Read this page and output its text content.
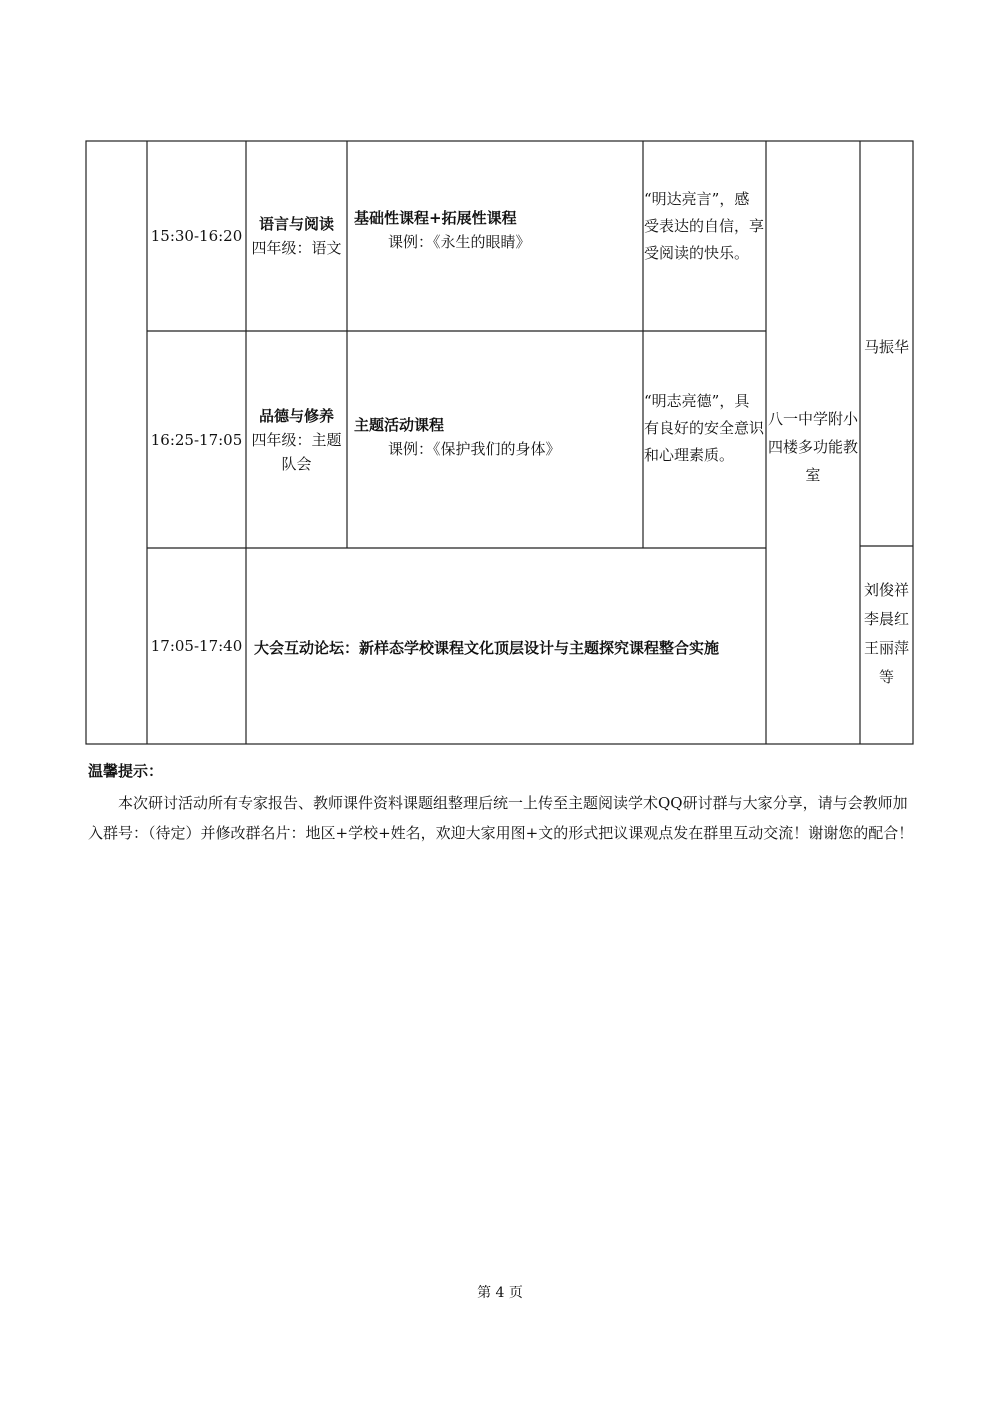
15:30-16:20
语言与阅读
四年级：语文
基础性课程+拓展性课程
课例：《永生的眼睛》
“明达亮言”，感受表达的自信，享受阅读的快乐。
16:25-17:05
品德与修养
四年级：主题队会
主题活动课程
课例：《保护我们的身体》
“明志亮德”，具有良好的安全意识和心理素质。
17:05-17:40 大会互动论坛：新样态学校课程文化顶层设计与主题探究课程整合实施
八一中学附小四楼多功能教室
马振华
刘俊祥
李晨红
王丽萍
等
温馨提示：
本次研讨活动所有专家报告、教师课件资料课题组整理后统一上传至主题阅读学术QQ研讨群与大家分享，请与会教师加入群号：（待定）并修改群名片：地区+学校+姓名，欢迎大家用图+文的形式把议课观点发在群里互动交流！谢谢您的配合！
第 4 页
